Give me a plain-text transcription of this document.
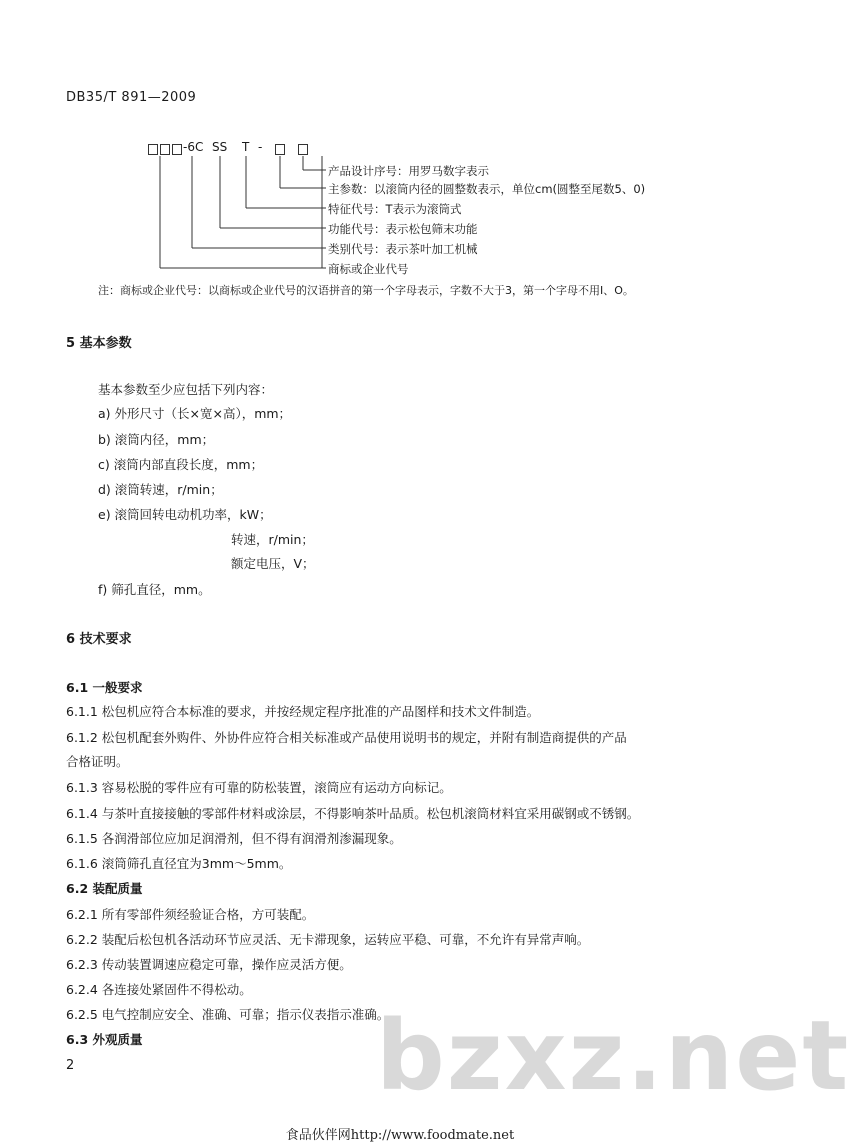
DB35/T 891—2009
-6C SS T -
产品设计序号：用罗马数字表示
主参数：以滚筒内径的圆整数表示，单位cm(圆整至尾数5、0)
特征代号：T表示为滚筒式
功能代号：表示松包筛末功能
类别代号：表示茶叶加工机械
商标或企业代号
注：商标或企业代号：以商标或企业代号的汉语拼音的第一个字母表示，字数不大于3，第一个字母不用I、O。
5 基本参数
基本参数至少应包括下列内容：
a) 外形尺寸（长×宽×高），mm；
b) 滚筒内径，mm；
c) 滚筒内部直段长度，mm；
d) 滚筒转速，r/min；
e) 滚筒回转电动机功率，kW；
转速，r/min；
额定电压，V；
f) 筛孔直径，mm。
6 技术要求
6.1 一般要求
6.1.1 松包机应符合本标准的要求，并按经规定程序批准的产品图样和技术文件制造。
6.1.2 松包机配套外购件、外协件应符合相关标准或产品使用说明书的规定，并附有制造商提供的产品
合格证明。
6.1.3 容易松脱的零件应有可靠的防松装置，滚筒应有运动方向标记。
6.1.4 与茶叶直接接触的零部件材料或涂层，不得影响茶叶品质。松包机滚筒材料宜采用碳钢或不锈钢。
6.1.5 各润滑部位应加足润滑剂，但不得有润滑剂渗漏现象。
6.1.6 滚筒筛孔直径宜为3mm～5mm。
6.2 装配质量
6.2.1 所有零部件须经验证合格，方可装配。
6.2.2 装配后松包机各活动环节应灵活、无卡滞现象，运转应平稳、可靠，不允许有异常声响。
6.2.3 传动装置调速应稳定可靠，操作应灵活方便。
6.2.4 各连接处紧固件不得松动。
6.2.5 电气控制应安全、准确、可靠；指示仪表指示准确。
6.3 外观质量 bzxz.net
2
食品伙伴网http://www.foodmate.net
